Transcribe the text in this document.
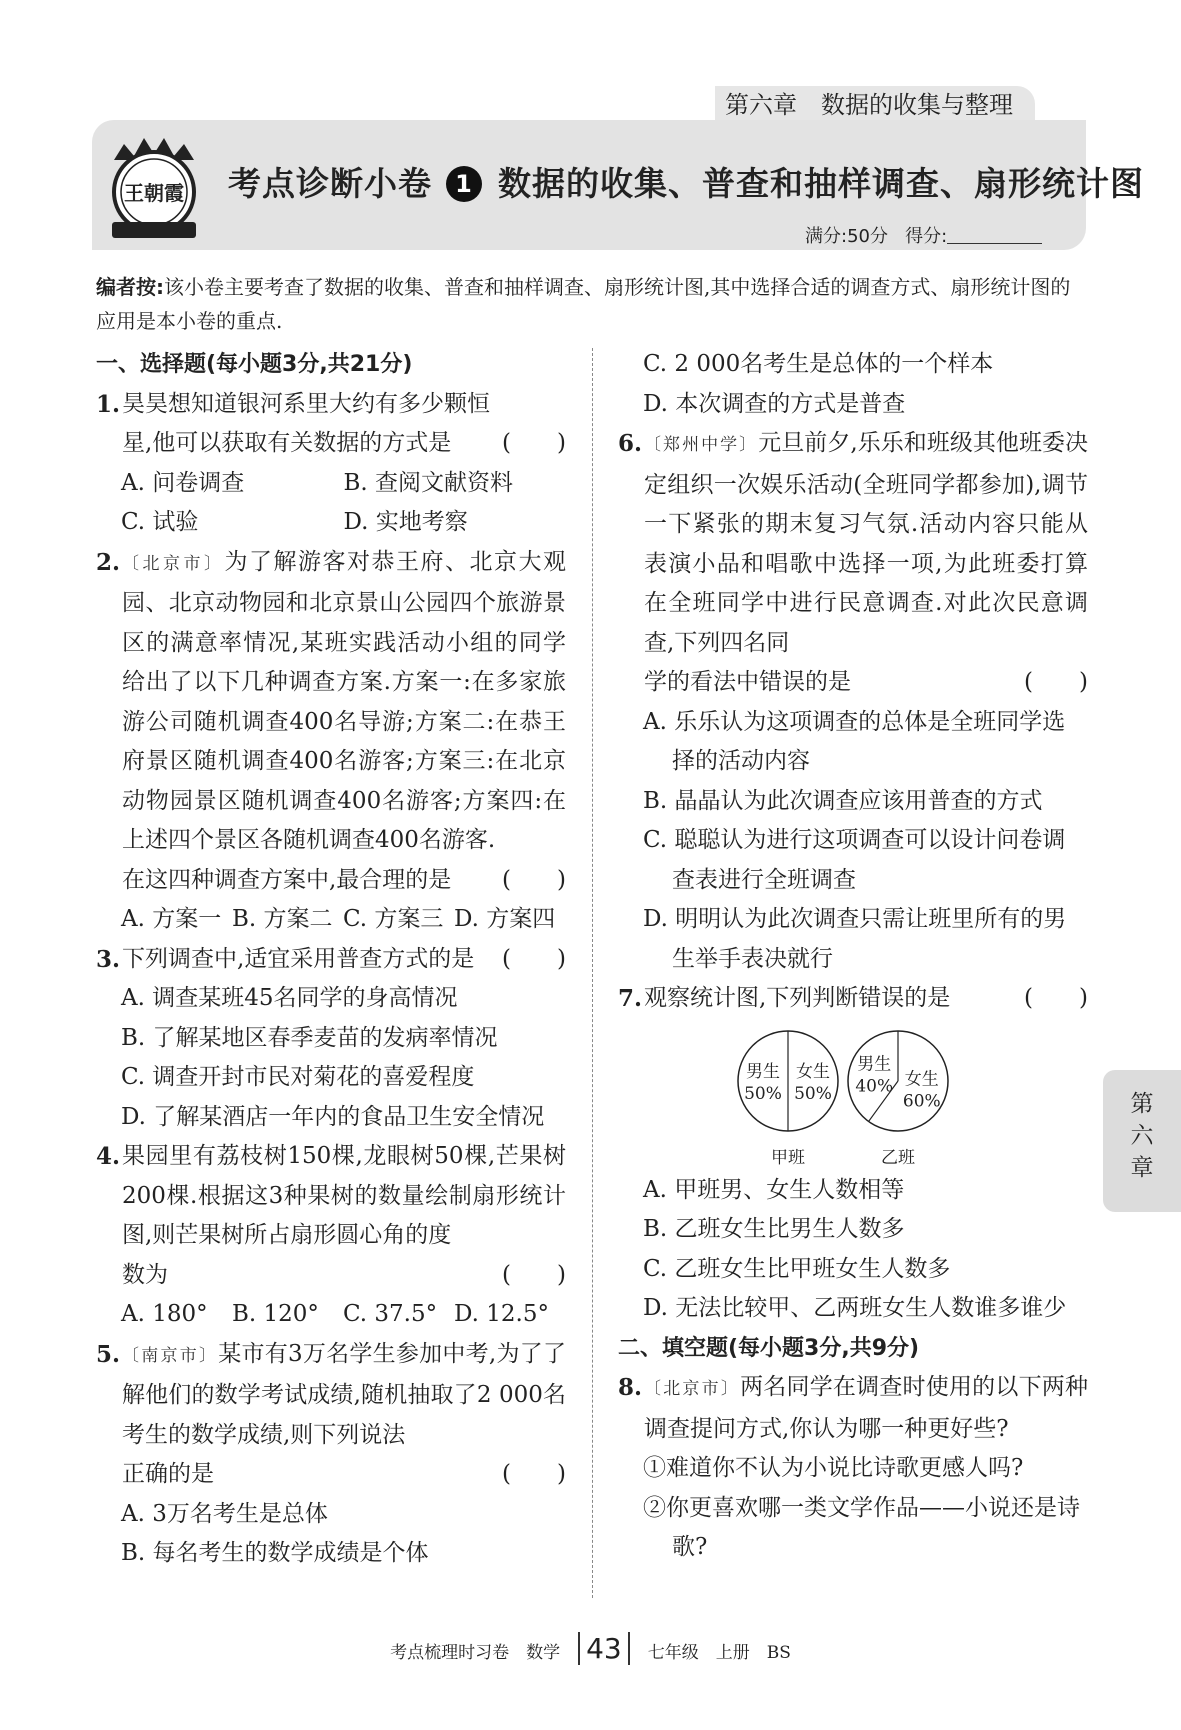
第六章　数据的收集与整理
王朝霞 考点诊断小卷 1 数据的收集、普查和抽样调查、扇形统计图
满分:50分 得分:
编者按:该小卷主要考查了数据的收集、普查和抽样调查、扇形统计图,其中选择合适的调查方式、扇形统计图的应用是本小卷的重点.
一、选择题(每小题3分,共21分)
1. 昊昊想知道银河系里大约有多少颗恒
星,他可以获取有关数据的方式是 (　　)
A. 问卷调查	B. 查阅文献资料
C. 试验	D. 实地考察
2. 〔北京市〕为了解游客对恭王府、北京大观园、北京动物园和北京景山公园四个旅游景区的满意率情况,某班实践活动小组的同学给出了以下几种调查方案.方案一:在多家旅游公司随机调查400名导游;方案二:在恭王府景区随机调查400名游客;方案三:在北京动物园景区随机调查400名游客;方案四:在上述四个景区各随机调查400名游客.
在这四种调查方案中,最合理的是 (　　)
A. 方案一 B. 方案二 C. 方案三 D. 方案四
3. 下列调查中,适宜采用普查方式的是 (　　)
A. 调查某班45名同学的身高情况
B. 了解某地区春季麦苗的发病率情况
C. 调查开封市民对菊花的喜爱程度
D. 了解某酒店一年内的食品卫生安全情况
4. 果园里有荔枝树150棵,龙眼树50棵,芒果树200棵.根据这3种果树的数量绘制扇形统计图,则芒果树所占扇形圆心角的度
数为	(　　)
A. 180°	B. 120°	C. 37.5° D. 12.5°
5. 〔南京市〕某市有3万名学生参加中考,为了了解他们的数学考试成绩,随机抽取了2 000名考生的数学成绩,则下列说法
正确的是	(　　)
A. 3万名考生是总体
B. 每名考生的数学成绩是个体
C. 2 000名考生是总体的一个样本
D. 本次调查的方式是普查
6. 〔郑州中学〕元旦前夕,乐乐和班级其他班委决定组织一次娱乐活动(全班同学都参加),调节一下紧张的期末复习气氛.活动内容只能从表演小品和唱歌中选择一项,为此班委打算在全班同学中进行民意调查.对此次民意调查,下列四名同
学的看法中错误的是	(　　)
A. 乐乐认为这项调查的总体是全班同学选择的活动内容
B. 晶晶认为此次调查应该用普查的方式
C. 聪聪认为进行这项调查可以设计问卷调查表进行全班调查
D. 明明认为此次调查只需让班里所有的男生举手表决就行
7. 观察统计图,下列判断错误的是	(　　)
男生
50%
女生
50%
甲班
男生
40% 女生
60%
乙班
A. 甲班男、女生人数相等
B. 乙班女生比男生人数多
C. 乙班女生比甲班女生人数多
D. 无法比较甲、乙两班女生人数谁多谁少
二、填空题(每小题3分,共9分)
8. 〔北京市〕两名同学在调查时使用的以下两种调查提问方式,你认为哪一种更好些?
①难道你不认为小说比诗歌更感人吗?
②你更喜欢哪一类文学作品——小说还是诗歌?
第六章
考点梳理时习卷　数学 43 七年级　上册　BS
